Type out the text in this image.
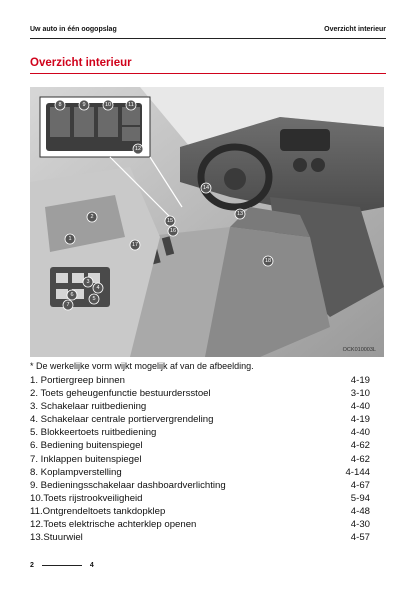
Uw auto in één oogopslag	Overzicht interieur
Overzicht interieur
8	9	10	11
12
1
2
3
4
5
6
7
13
14
15
16
17
18
OCK010003L
* De werkelijke vorm wijkt mogelijk af van de afbeelding.
1. Portiergreep binnen	4-19
2. Toets geheugenfunctie bestuurdersstoel	3-10
3. Schakelaar ruitbediening	4-40
4. Schakelaar centrale portiervergrendeling	4-19
5. Blokkeertoets ruitbediening	4-40
6. Bediening buitenspiegel	4-62
7. Inklappen buitenspiegel	4-62
8. Koplampverstelling	4-144
9. Bedieningsschakelaar dashboardverlichting	4-67
10.Toets rijstrookveiligheid	5-94
11.Ontgrendeltoets tankdopklep	4-48
12.Toets elektrische achterklep openen	4-30
13.Stuurwiel	4-57
2	4
